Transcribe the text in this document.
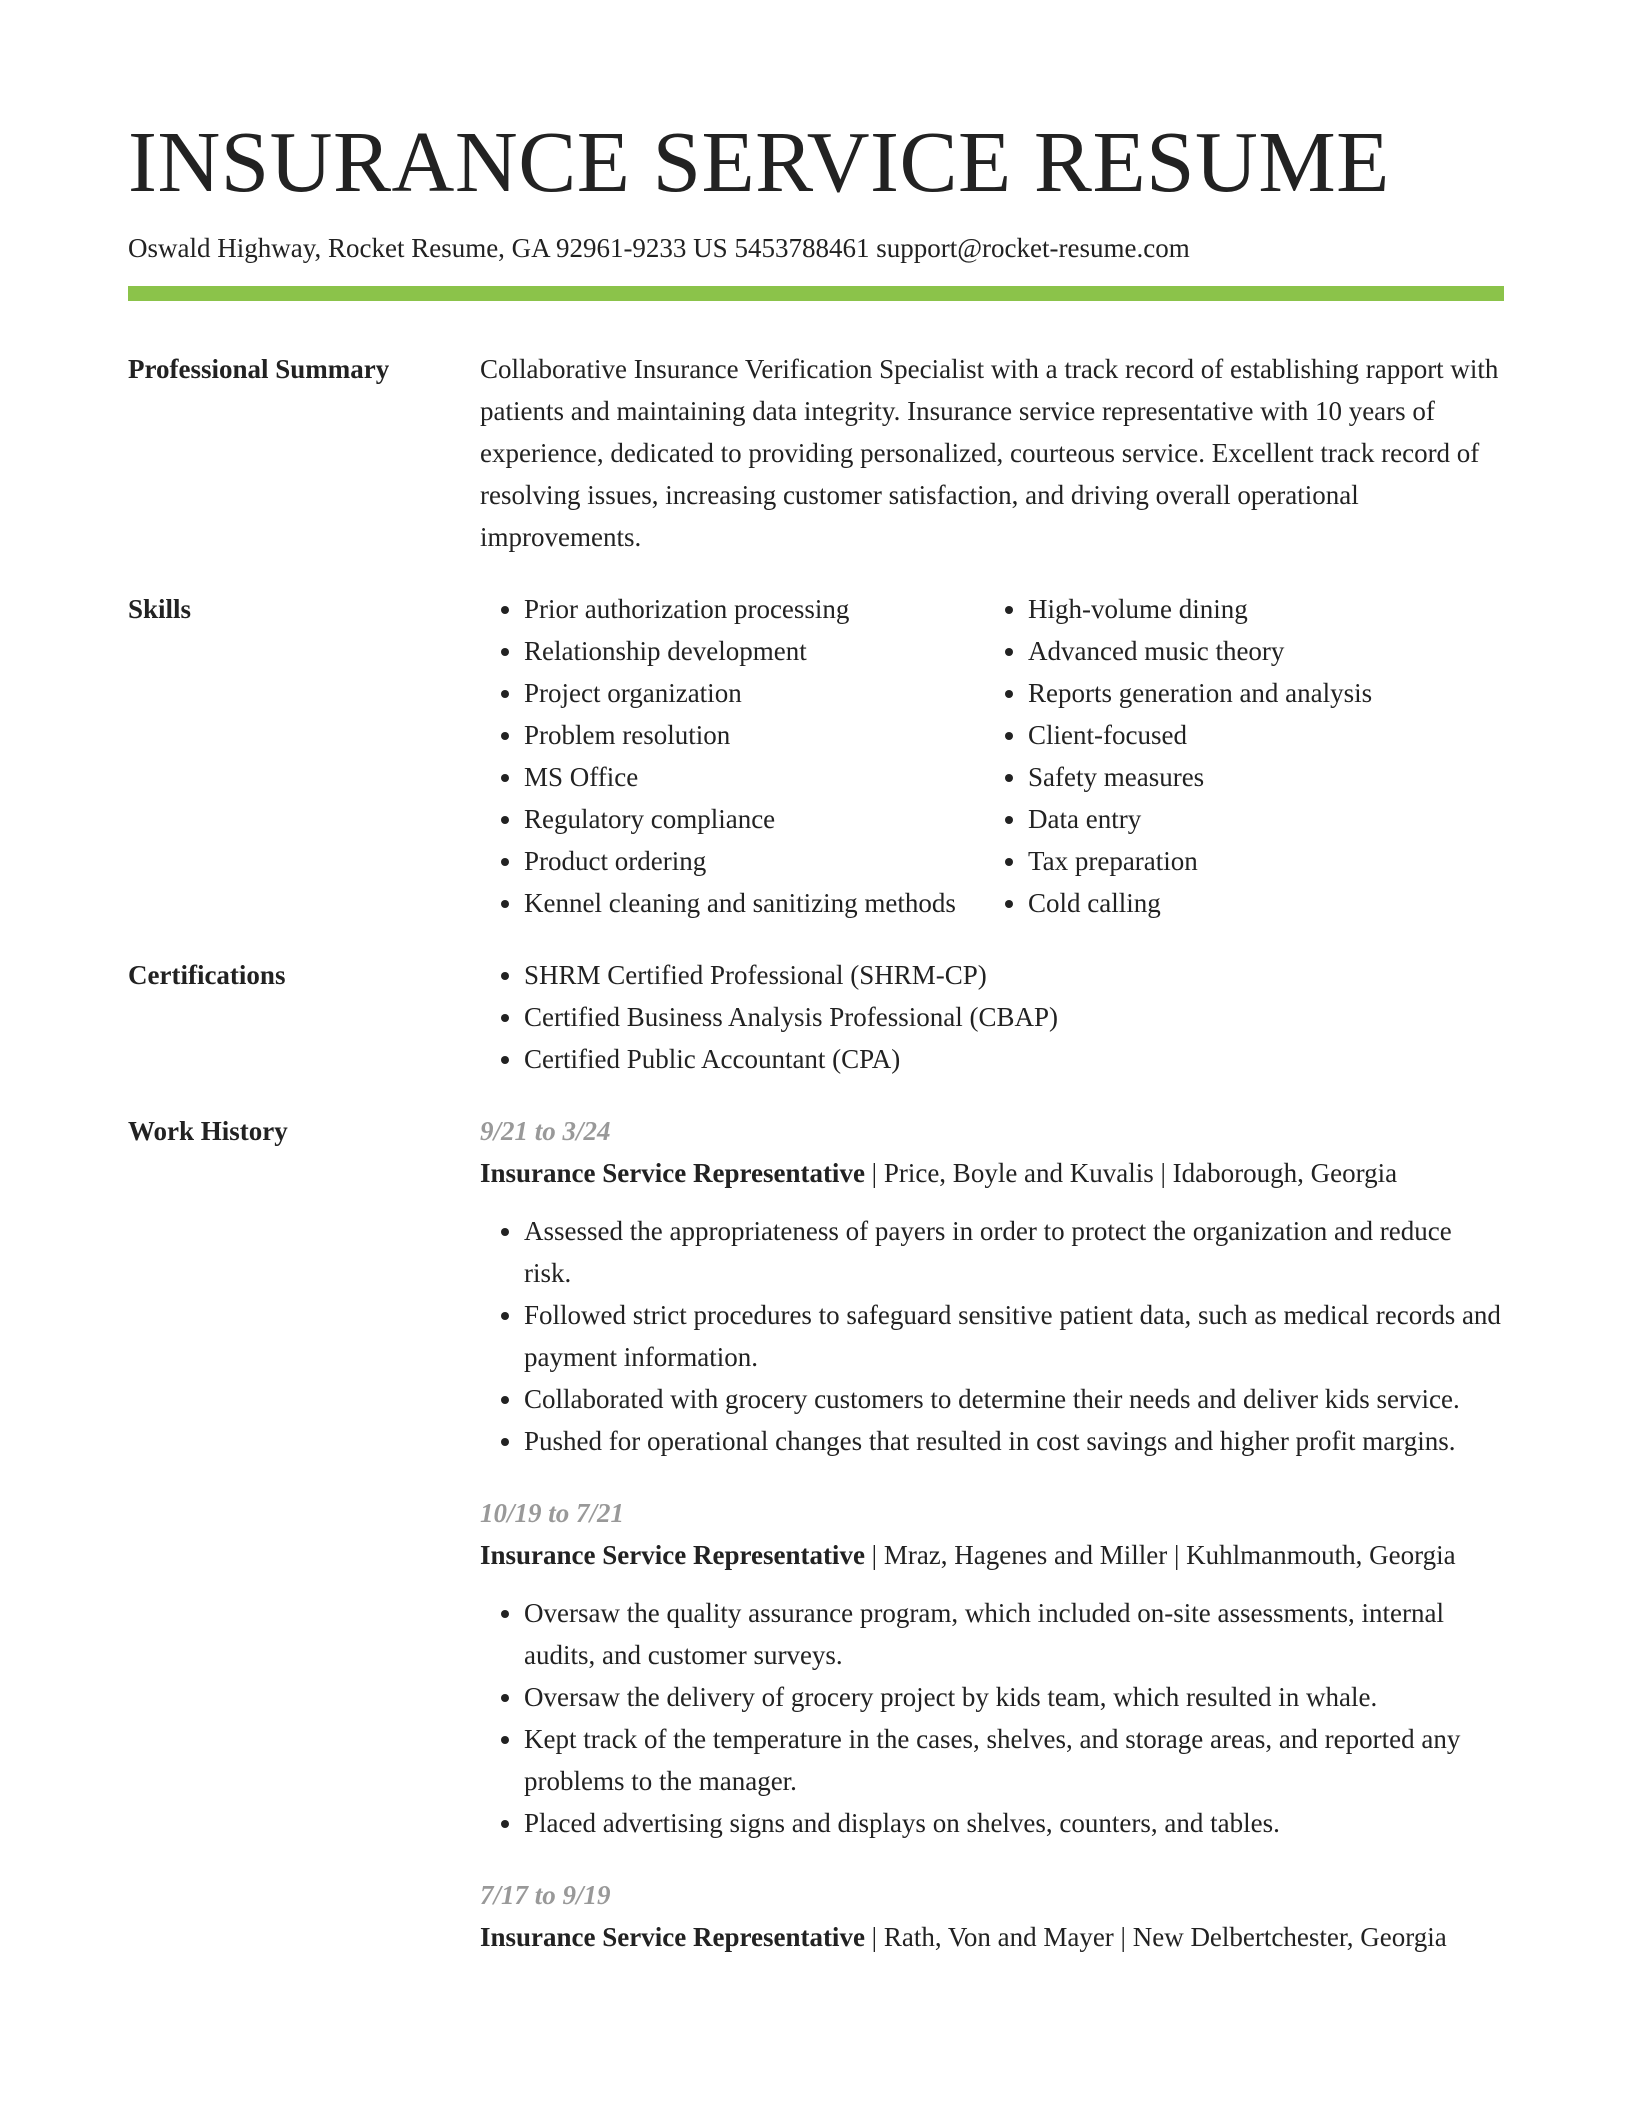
INSURANCE SERVICE RESUME
Oswald Highway, Rocket Resume, GA 92961-9233 US 5453788461 support@rocket-resume.com
Professional Summary	Collaborative Insurance Verification Specialist with a track record of establishing rapport with patients and maintaining data integrity. Insurance service representative with 10 years of experience, dedicated to providing personalized, courteous service. Excellent track record of resolving issues, increasing customer satisfaction, and driving overall operational improvements.

Skills	• Prior authorization processing
• Relationship development
• Project organization
• Problem resolution
• MS Office
• Regulatory compliance
• Product ordering
• Kennel cleaning and sanitizing methods
• High-volume dining
• Advanced music theory
• Reports generation and analysis
• Client-focused
• Safety measures
• Data entry
• Tax preparation
• Cold calling
Certifications	• SHRM Certified Professional (SHRM-CP)
• Certified Business Analysis Professional (CBAP)
• Certified Public Accountant (CPA)
Work History	9/21 to 3/24
Insurance Service Representative | Price, Boyle and Kuvalis | Idaborough, Georgia
• Assessed the appropriateness of payers in order to protect the organization and reduce risk.
• Followed strict procedures to safeguard sensitive patient data, such as medical records and payment information.
• Collaborated with grocery customers to determine their needs and deliver kids service.
• Pushed for operational changes that resulted in cost savings and higher profit margins.
10/19 to 7/21
Insurance Service Representative | Mraz, Hagenes and Miller | Kuhlmanmouth, Georgia
• Oversaw the quality assurance program, which included on-site assessments, internal audits, and customer surveys.
• Oversaw the delivery of grocery project by kids team, which resulted in whale.
• Kept track of the temperature in the cases, shelves, and storage areas, and reported any problems to the manager.
• Placed advertising signs and displays on shelves, counters, and tables.
7/17 to 9/19
Insurance Service Representative | Rath, Von and Mayer | New Delbertchester, Georgia
